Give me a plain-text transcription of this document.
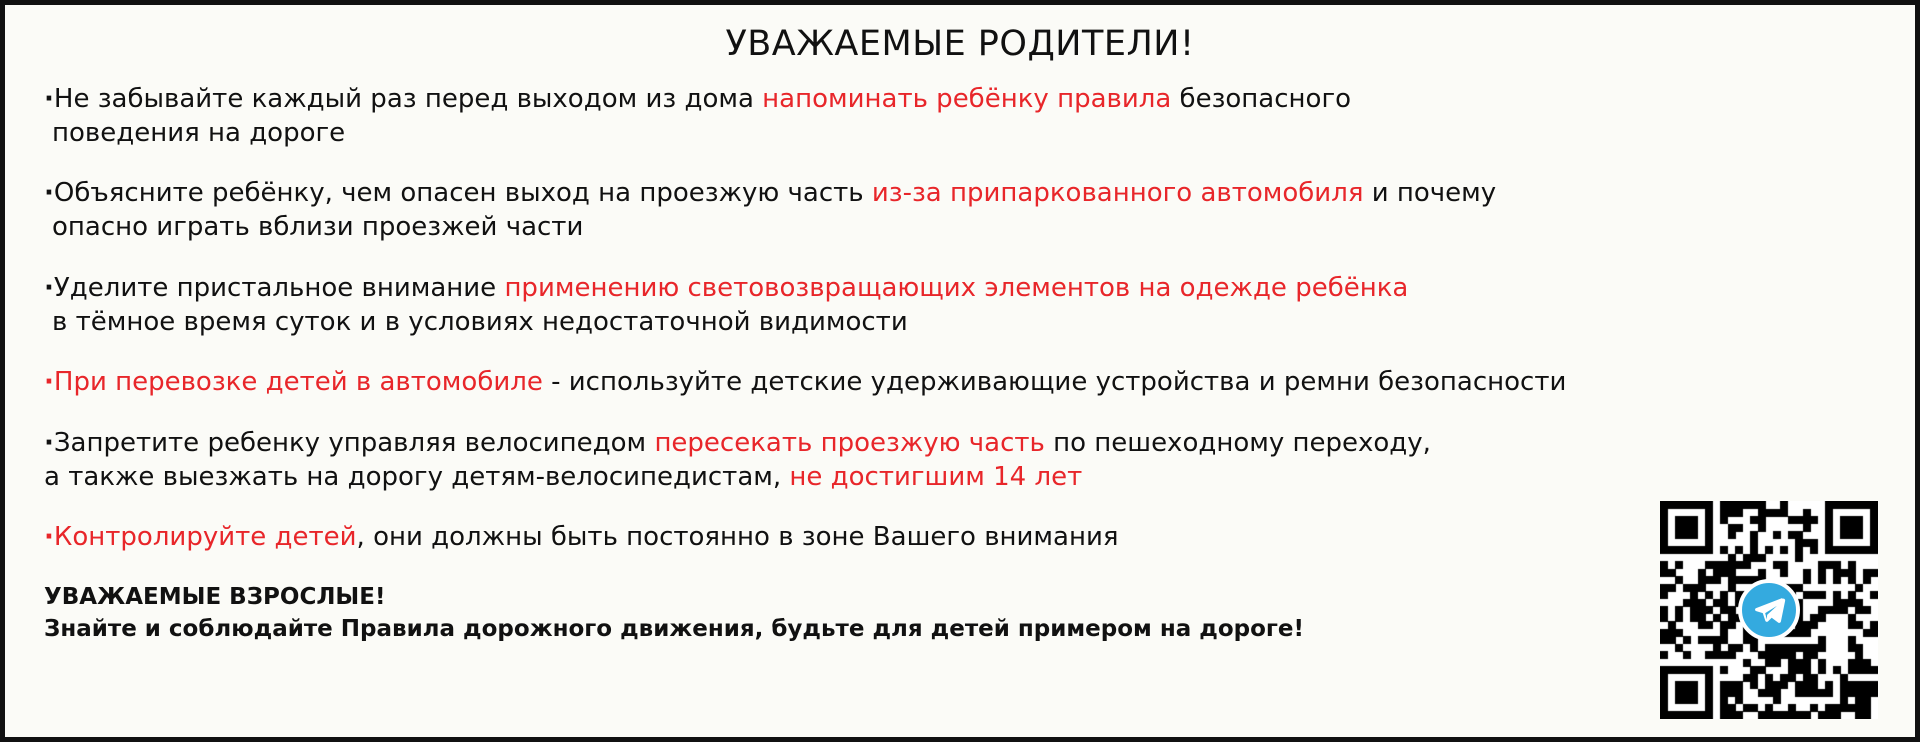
УВАЖАЕМЫЕ РОДИТЕЛИ!
·Не забывайте каждый раз перед выходом из дома напоминать ребёнку правила безопасного
поведения на дороге
·Объясните ребёнку, чем опасен выход на проезжую часть из-за припаркованного автомобиля и почему
опасно играть вблизи проезжей части
·Уделите пристальное внимание применению световозвращающих элементов на одежде ребёнка
в тёмное время суток и в условиях недостаточной видимости
·При перевозке детей в автомобиле - используйте детские удерживающие устройства и ремни безопасности
·Запретите ребенку управляя велосипедом пересекать проезжую часть по пешеходному переходу,
а также выезжать на дорогу детям-велосипедистам, не достигшим 14 лет
·Контролируйте детей, они должны быть постоянно в зоне Вашего внимания
УВАЖАЕМЫЕ ВЗРОСЛЫЕ!
Знайте и соблюдайте Правила дорожного движения, будьте для детей примером на дороге!
